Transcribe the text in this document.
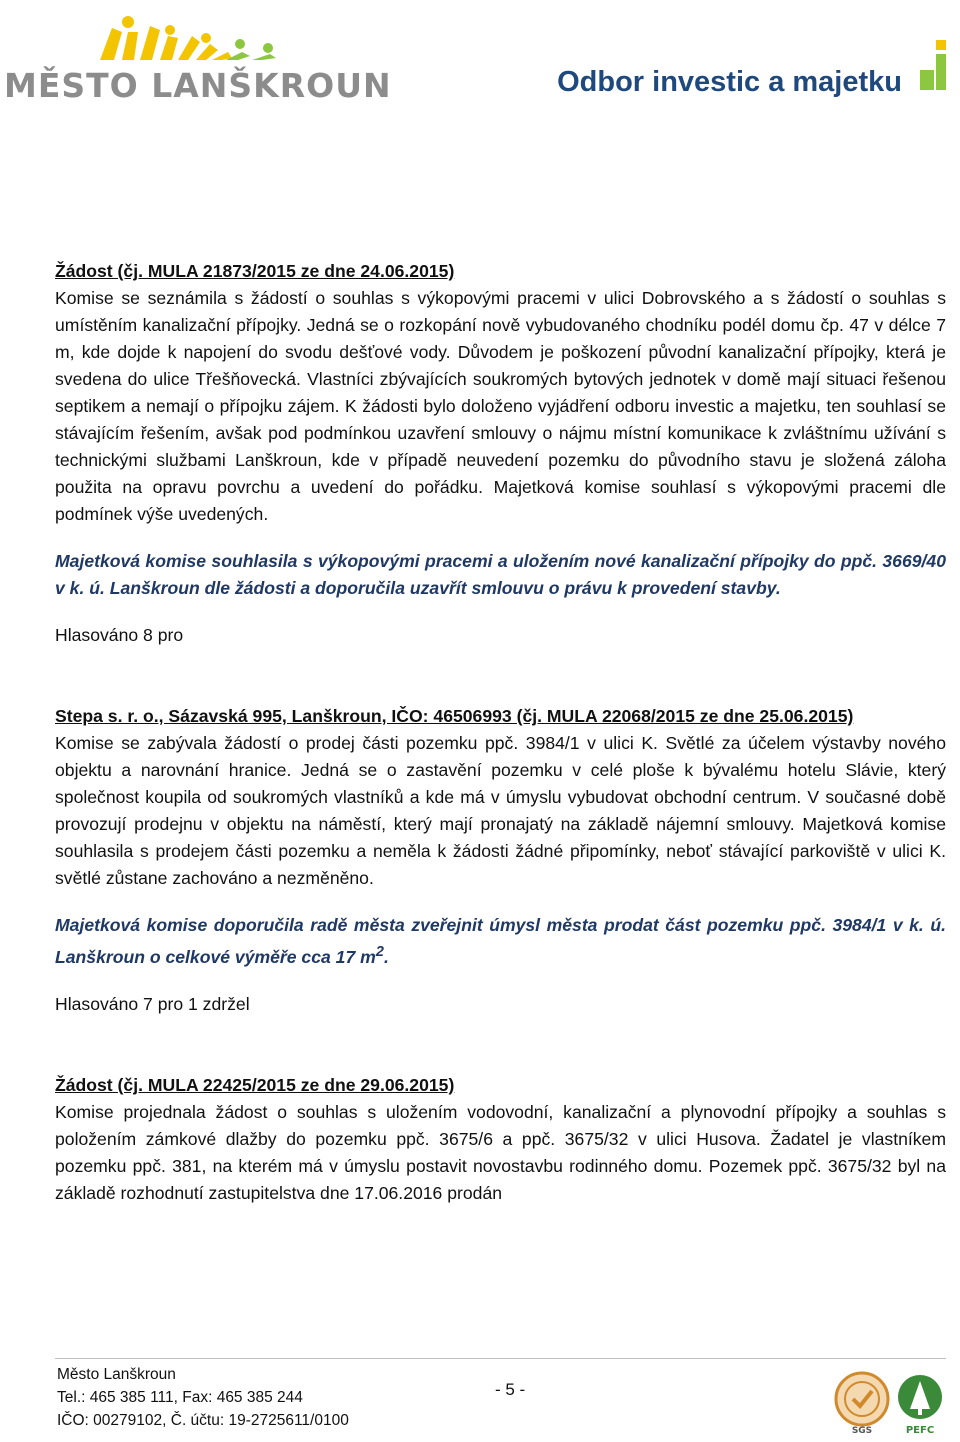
MĚSTO LANŠKROUN	Odbor investic a majetku

Žádost (čj. MULA 21873/2015 ze dne 24.06.2015)

Komise se seznámila s žádostí o souhlas s výkopovými pracemi v ulici Dobrovského a s žádostí o souhlas s umístěním kanalizační přípojky. Jedná se o rozkopání nově vybudovaného chodníku podél domu čp. 47 v délce 7 m, kde dojde k napojení do svodu dešťové vody. Důvodem je poškození původní kanalizační přípojky, která je svedena do ulice Třešňovecká. Vlastníci zbývajících soukromých bytových jednotek v domě mají situaci řešenou septikem a nemají o přípojku zájem. K žádosti bylo doloženo vyjádření odboru investic a majetku, ten souhlasí se stávajícím řešením, avšak pod podmínkou uzavření smlouvy o nájmu místní komunikace k zvláštnímu užívání s technickými službami Lanškroun, kde v případě neuvedení pozemku do původního stavu je složená záloha použita na opravu povrchu a uvedení do pořádku. Majetková komise souhlasí s výkopovými pracemi dle podmínek výše uvedených.

Majetková komise souhlasila s výkopovými pracemi a uložením nové kanalizační přípojky do ppč. 3669/40 v k. ú. Lanškroun dle žádosti a doporučila uzavřít smlouvu o právu k provedení stavby.

Hlasováno 8 pro

Stepa s. r. o., Sázavská 995, Lanškroun, IČO: 46506993 (čj. MULA 22068/2015 ze dne 25.06.2015)

Komise se zabývala žádostí o prodej části pozemku ppč. 3984/1 v ulici K. Světlé za účelem výstavby nového objektu a narovnání hranice. Jedná se o zastavění pozemku v celé ploše k bývalému hotelu Slávie, který společnost koupila od soukromých vlastníků a kde má v úmyslu vybudovat obchodní centrum. V současné době provozují prodejnu v objektu na náměstí, který mají pronajatý na základě nájemní smlouvy. Majetková komise souhlasila s prodejem části pozemku a neměla k žádosti žádné připomínky, neboť stávající parkoviště v ulici K. světlé zůstane zachováno a nezměněno.

Majetková komise doporučila radě města zveřejnit úmysl města prodat část pozemku ppč. 3984/1 v k. ú. Lanškroun o celkové výměře cca 17 $m^2$.

Hlasováno 7 pro 1 zdržel

Žádost (čj. MULA 22425/2015 ze dne 29.06.2015)

Komise projednala žádost o souhlas s uložením vodovodní, kanalizační a plynovodní přípojky a souhlas s položením zámkové dlažby do pozemku ppč. 3675/6 a ppč. 3675/32 v ulici Husova. Žadatel je vlastníkem pozemku ppč. 381, na kterém má v úmyslu postavit novostavbu rodinného domu. Pozemek ppč. 3675/32 byl na základě rozhodnutí zastupitelstva dne 17.06.2016 prodán

Město Lanškroun
Tel.: 465 385 111, Fax: 465 385 244
IČO: 00279102, Č. účtu: 19-2725611/0100
- 5 -
SGS	PEFC
